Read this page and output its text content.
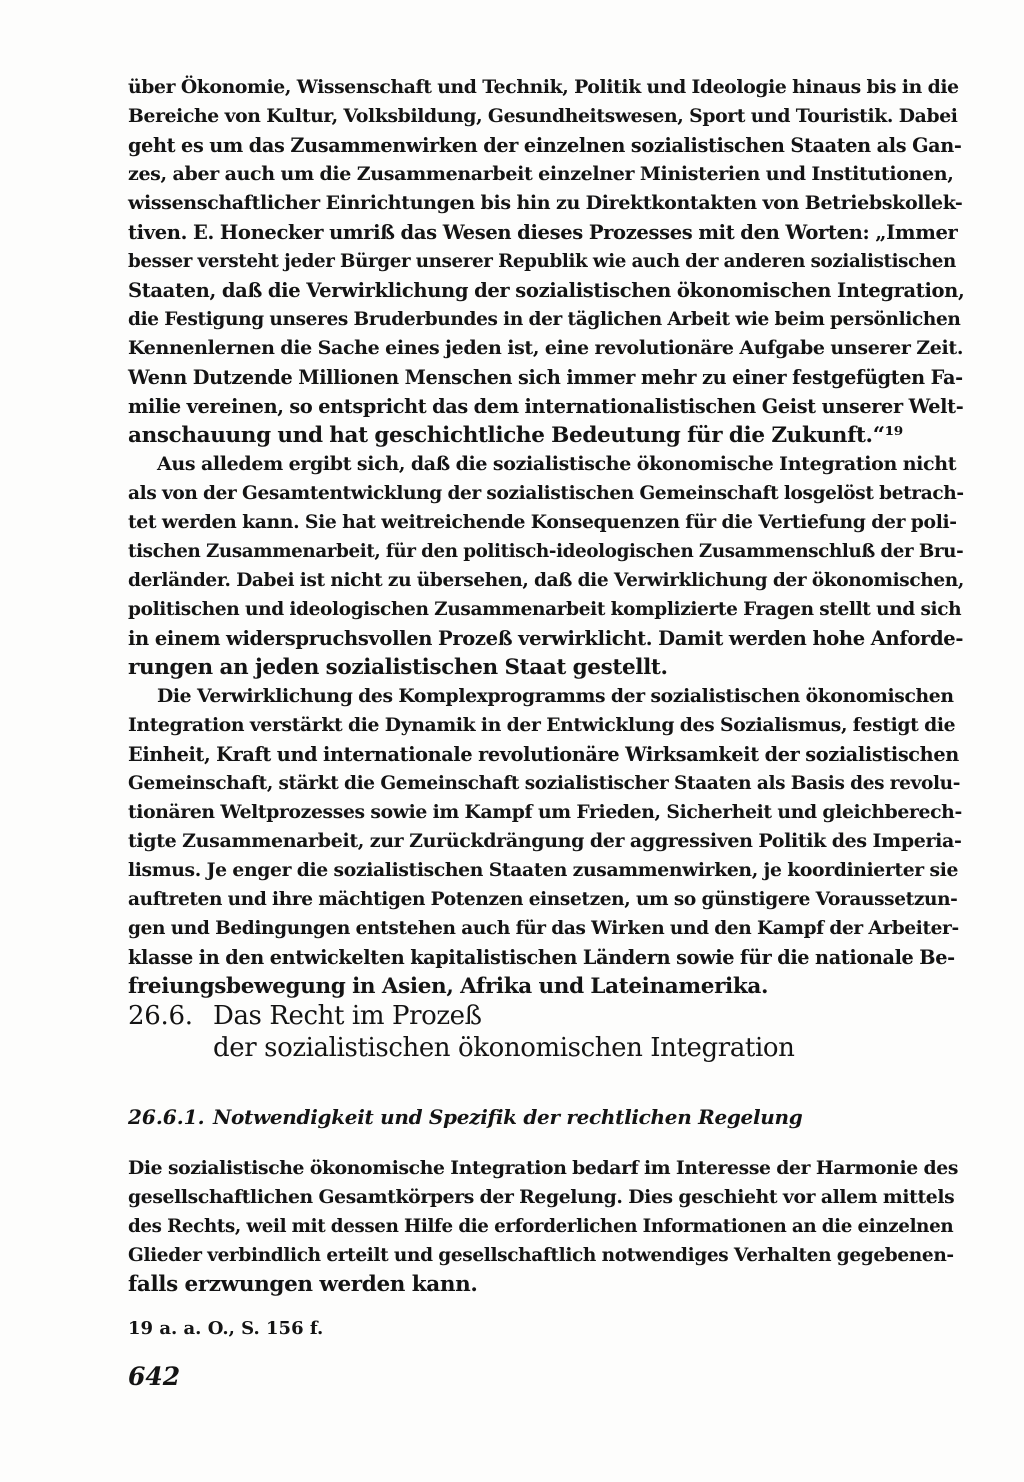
über Ökonomie, Wissenschaft und Technik, Politik und Ideologie hinaus bis in die
Bereiche von Kultur, Volksbildung, Gesundheitswesen, Sport und Touristik. Dabei
geht es um das Zusammenwirken der einzelnen sozialistischen Staaten als Gan-
zes, aber auch um die Zusammenarbeit einzelner Ministerien und Institutionen,
wissenschaftlicher Einrichtungen bis hin zu Direktkontakten von Betriebskollek-
tiven. E. Honecker umriß das Wesen dieses Prozesses mit den Worten: „Immer
besser versteht jeder Bürger unserer Republik wie auch der anderen sozialistischen
Staaten, daß die Verwirklichung der sozialistischen ökonomischen Integration,
die Festigung unseres Bruderbundes in der täglichen Arbeit wie beim persönlichen
Kennenlernen die Sache eines jeden ist, eine revolutionäre Aufgabe unserer Zeit.
Wenn Dutzende Millionen Menschen sich immer mehr zu einer festgefügten Fa-
milie vereinen, so entspricht das dem internationalistischen Geist unserer Welt-
anschauung und hat geschichtliche Bedeutung für die Zukunft.“¹⁹
Aus alledem ergibt sich, daß die sozialistische ökonomische Integration nicht
als von der Gesamtentwicklung der sozialistischen Gemeinschaft losgelöst betrach-
tet werden kann. Sie hat weitreichende Konsequenzen für die Vertiefung der poli-
tischen Zusammenarbeit, für den politisch-ideologischen Zusammenschluß der Bru-
derländer. Dabei ist nicht zu übersehen, daß die Verwirklichung der ökonomischen,
politischen und ideologischen Zusammenarbeit komplizierte Fragen stellt und sich
in einem widerspruchsvollen Prozeß verwirklicht. Damit werden hohe Anforde-
rungen an jeden sozialistischen Staat gestellt.
Die Verwirklichung des Komplexprogramms der sozialistischen ökonomischen
Integration verstärkt die Dynamik in der Entwicklung des Sozialismus, festigt die
Einheit, Kraft und internationale revolutionäre Wirksamkeit der sozialistischen
Gemeinschaft, stärkt die Gemeinschaft sozialistischer Staaten als Basis des revolu-
tionären Weltprozesses sowie im Kampf um Frieden, Sicherheit und gleichberech-
tigte Zusammenarbeit, zur Zurückdrängung der aggressiven Politik des Imperia-
lismus. Je enger die sozialistischen Staaten zusammenwirken, je koordinierter sie
auftreten und ihre mächtigen Potenzen einsetzen, um so günstigere Voraussetzun-
gen und Bedingungen entstehen auch für das Wirken und den Kampf der Arbeiter-
klasse in den entwickelten kapitalistischen Ländern sowie für die nationale Be-
freiungsbewegung in Asien, Afrika und Lateinamerika.
26.6. Das Recht im Prozeß
der sozialistischen ökonomischen Integration
26.6.1. Notwendigkeit und Spezifik der rechtlichen Regelung
Die sozialistische ökonomische Integration bedarf im Interesse der Harmonie des
gesellschaftlichen Gesamtkörpers der Regelung. Dies geschieht vor allem mittels
des Rechts, weil mit dessen Hilfe die erforderlichen Informationen an die einzelnen
Glieder verbindlich erteilt und gesellschaftlich notwendiges Verhalten gegebenen-
falls erzwungen werden kann.
19 a. a. O., S. 156 f.
642
